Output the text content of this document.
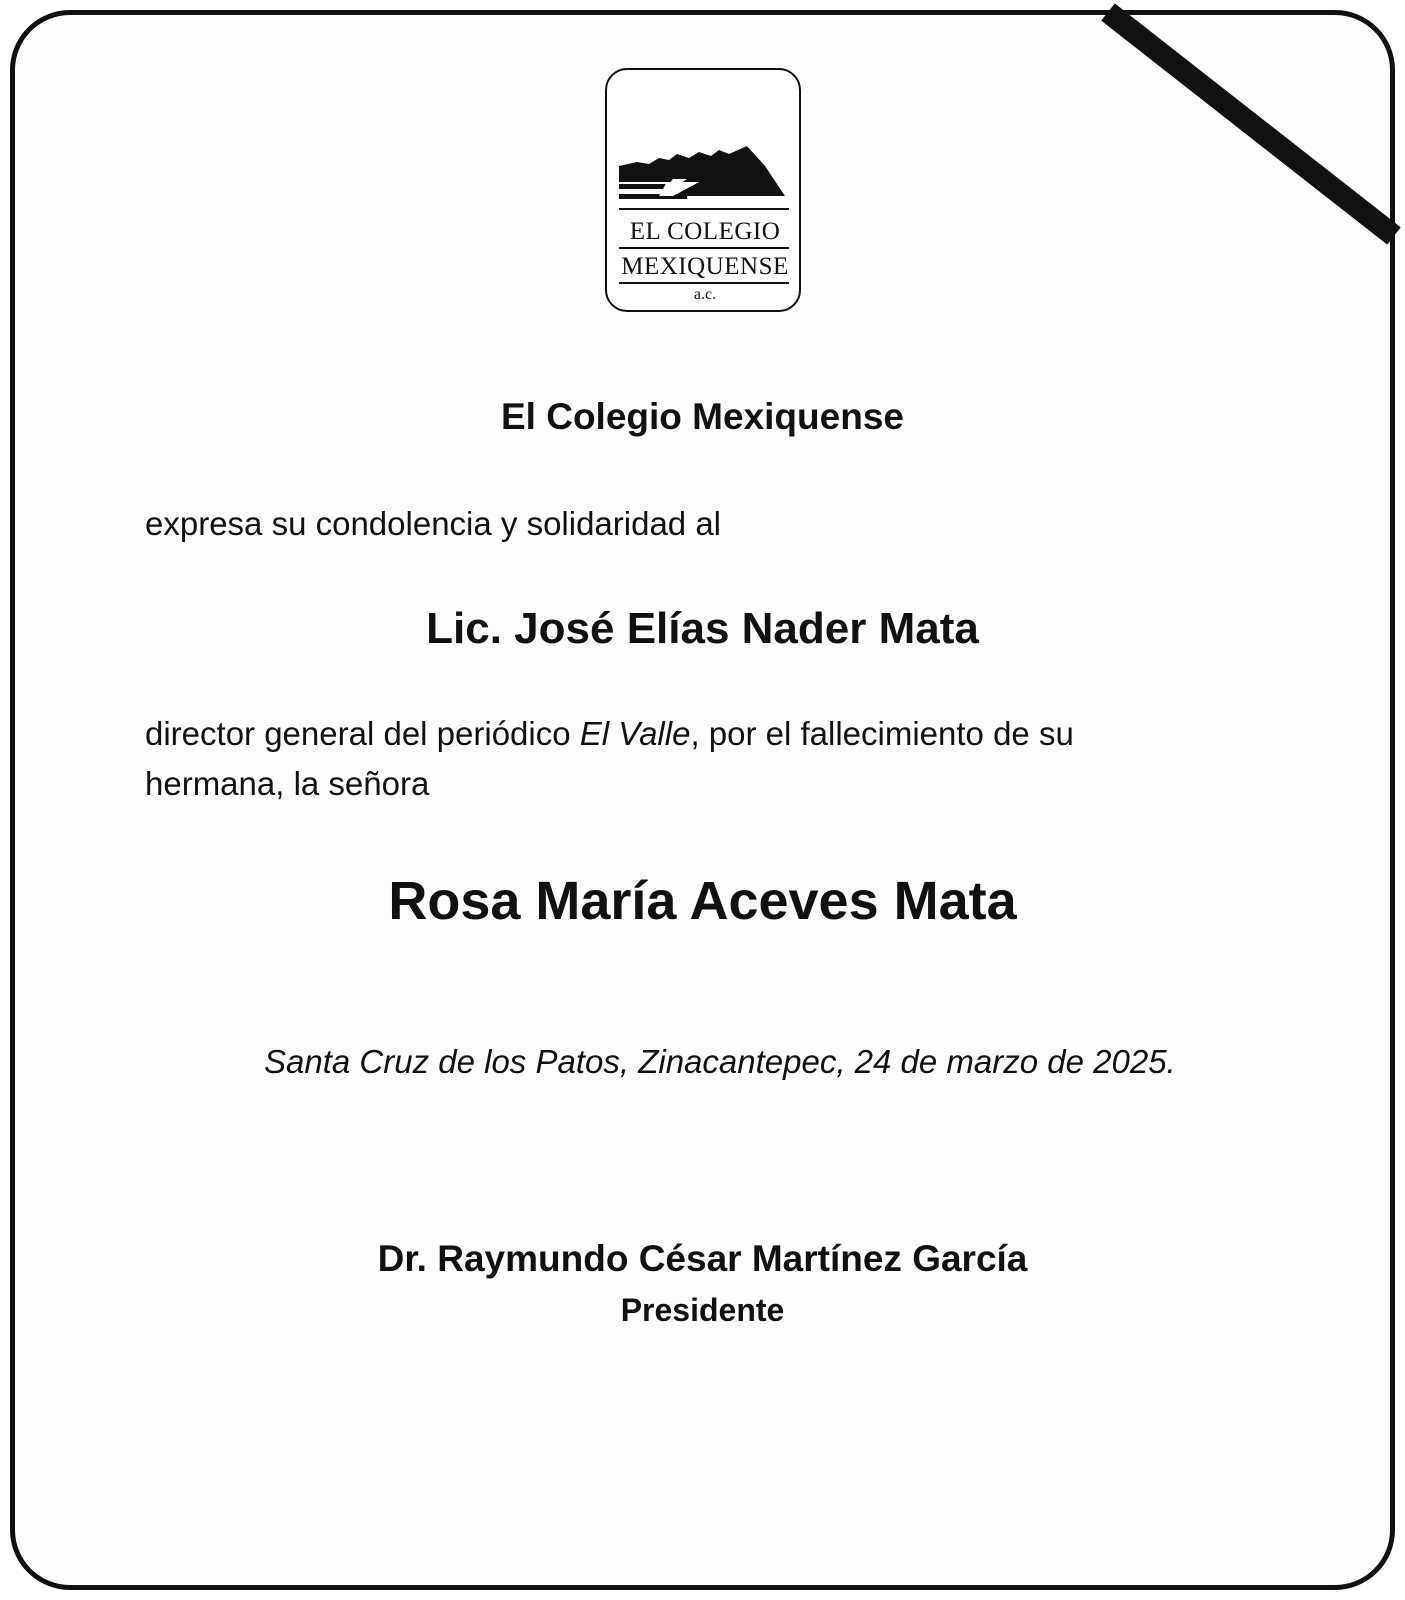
EL COLEGIO
MEXIQUENSE
a.c.
El Colegio Mexiquense
expresa su condolencia y solidaridad al
Lic. José Elías Nader Mata
director general del periódico El Valle, por el fallecimiento de su
hermana, la señora
Rosa María Aceves Mata
Santa Cruz de los Patos, Zinacantepec, 24 de marzo de 2025.
Dr. Raymundo César Martínez García
Presidente
